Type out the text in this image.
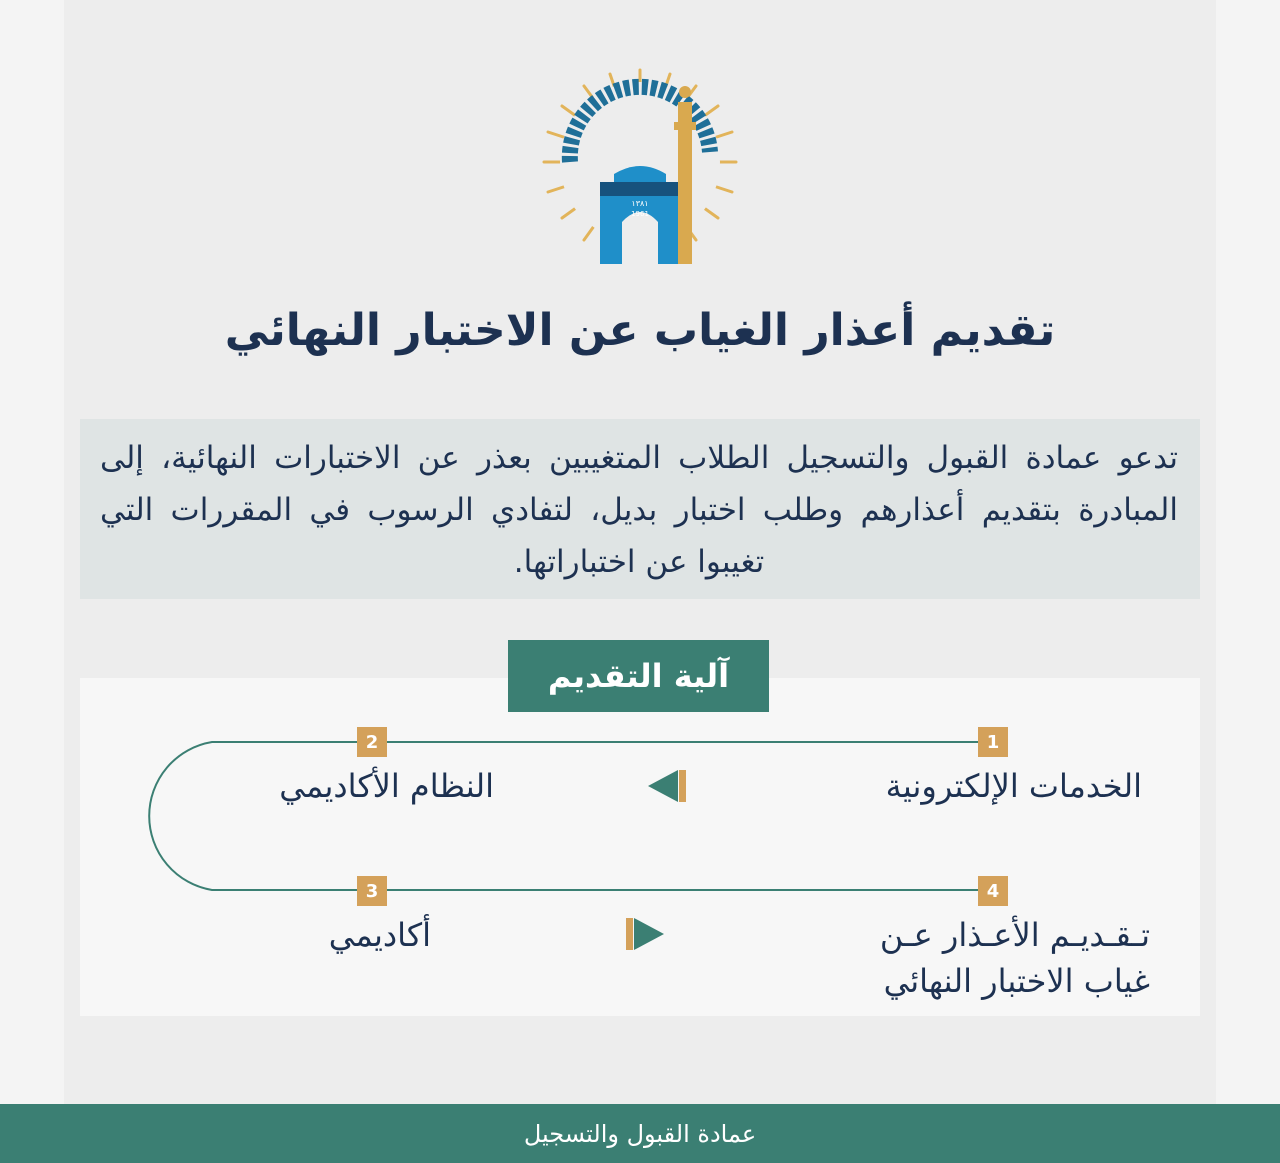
١٣٨١
1961
تقديم أعذار الغياب عن الاختبار النهائي

تدعو عمادة القبول والتسجيل الطلاب المتغيبين بعذر عن الاختبارات النهائية، إلى المبادرة بتقديم أعذارهم وطلب اختبار بديل، لتفادي الرسوب في المقررات التي تغيبوا عن اختباراتها.

آلية التقديم
1
2
3	4

الخدمات الإلكترونية

النظام الأكاديمي

أكاديمي	تـقـديـم الأعـذار عـن

غياب الاختبار النهائي

عمادة القبول والتسجيل
